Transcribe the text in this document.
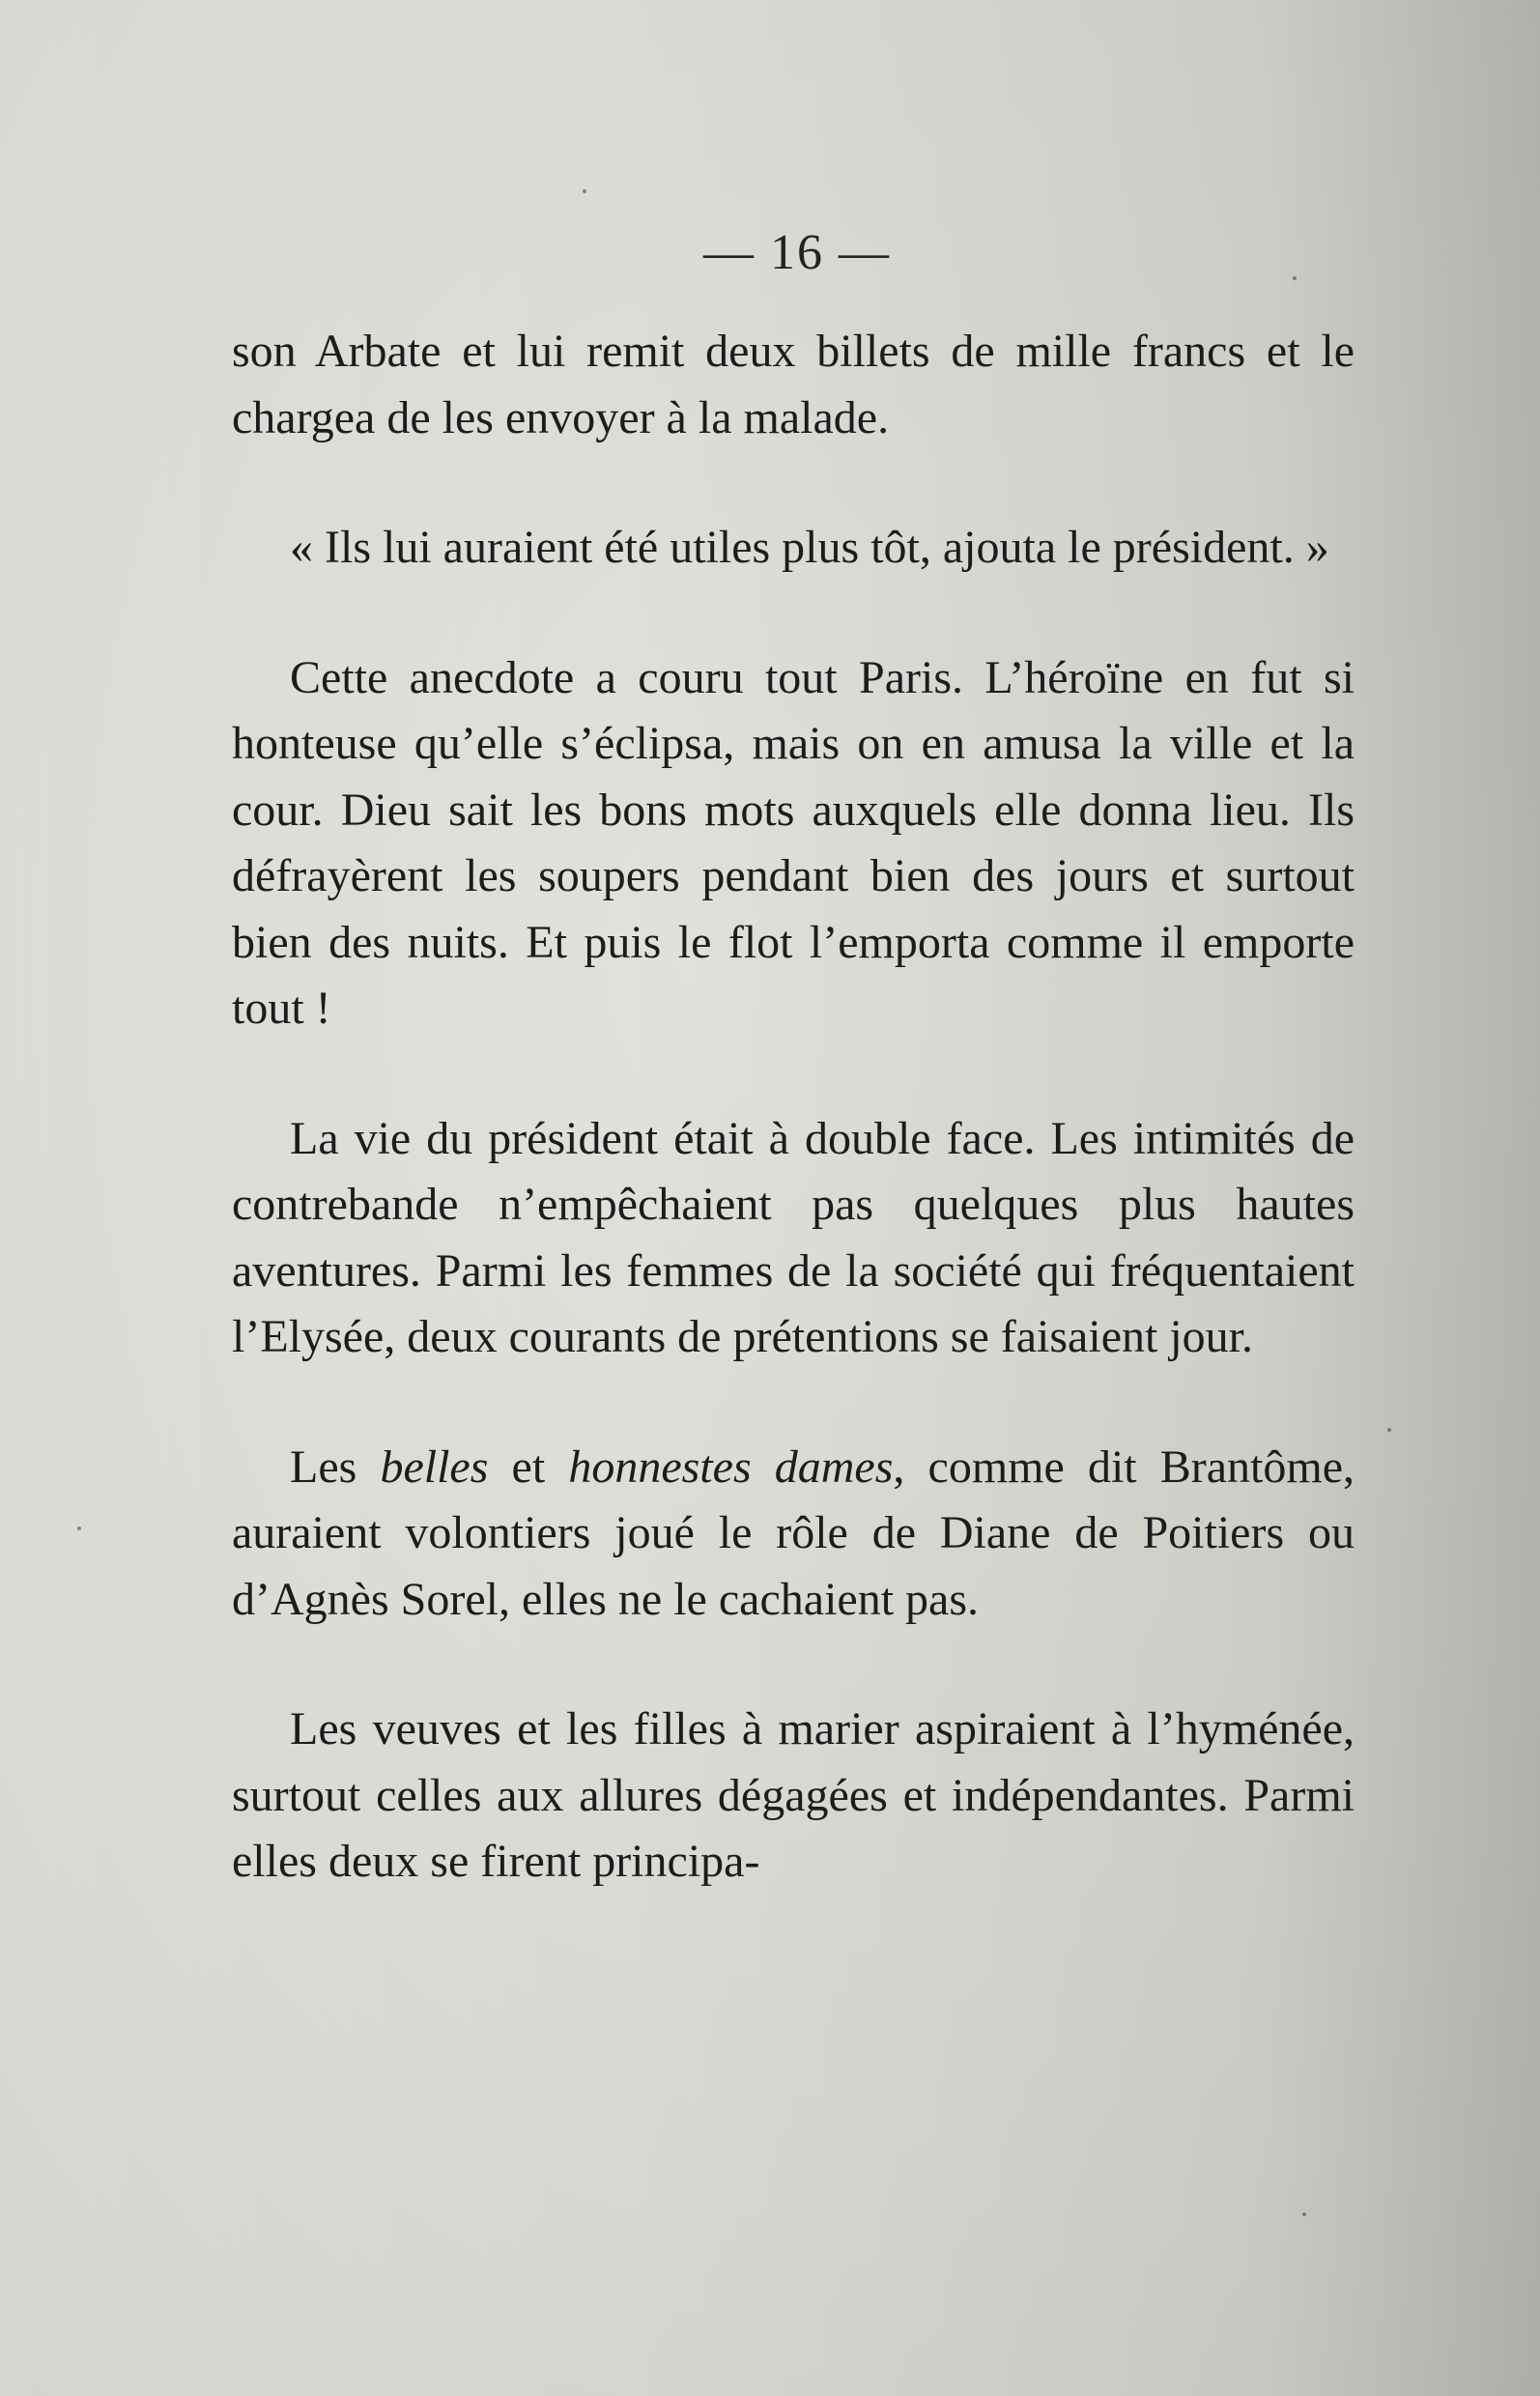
— 16 —

son Arbate et lui remit deux billets de mille francs et le chargea de les envoyer à la malade.

« Ils lui auraient été utiles plus tôt, ajouta le président. »

Cette anecdote a couru tout Paris. L’héroïne en fut si honteuse qu’elle s’éclipsa, mais on en amusa la ville et la cour. Dieu sait les bons mots auxquels elle donna lieu. Ils défrayèrent les soupers pendant bien des jours et surtout bien des nuits. Et puis le flot l’emporta comme il emporte tout !

La vie du président était à double face. Les intimités de contrebande n’empêchaient pas quelques plus hautes aventures. Parmi les femmes de la société qui fréquentaient l’Elysée, deux courants de prétentions se faisaient jour.

Les belles et honnestes dames, comme dit Brantôme, auraient volontiers joué le rôle de Diane de Poitiers ou d’Agnès Sorel, elles ne le cachaient pas.

Les veuves et les filles à marier aspiraient à l’hyménée, surtout celles aux allures dégagées et indépendantes. Parmi elles deux se firent principa-
